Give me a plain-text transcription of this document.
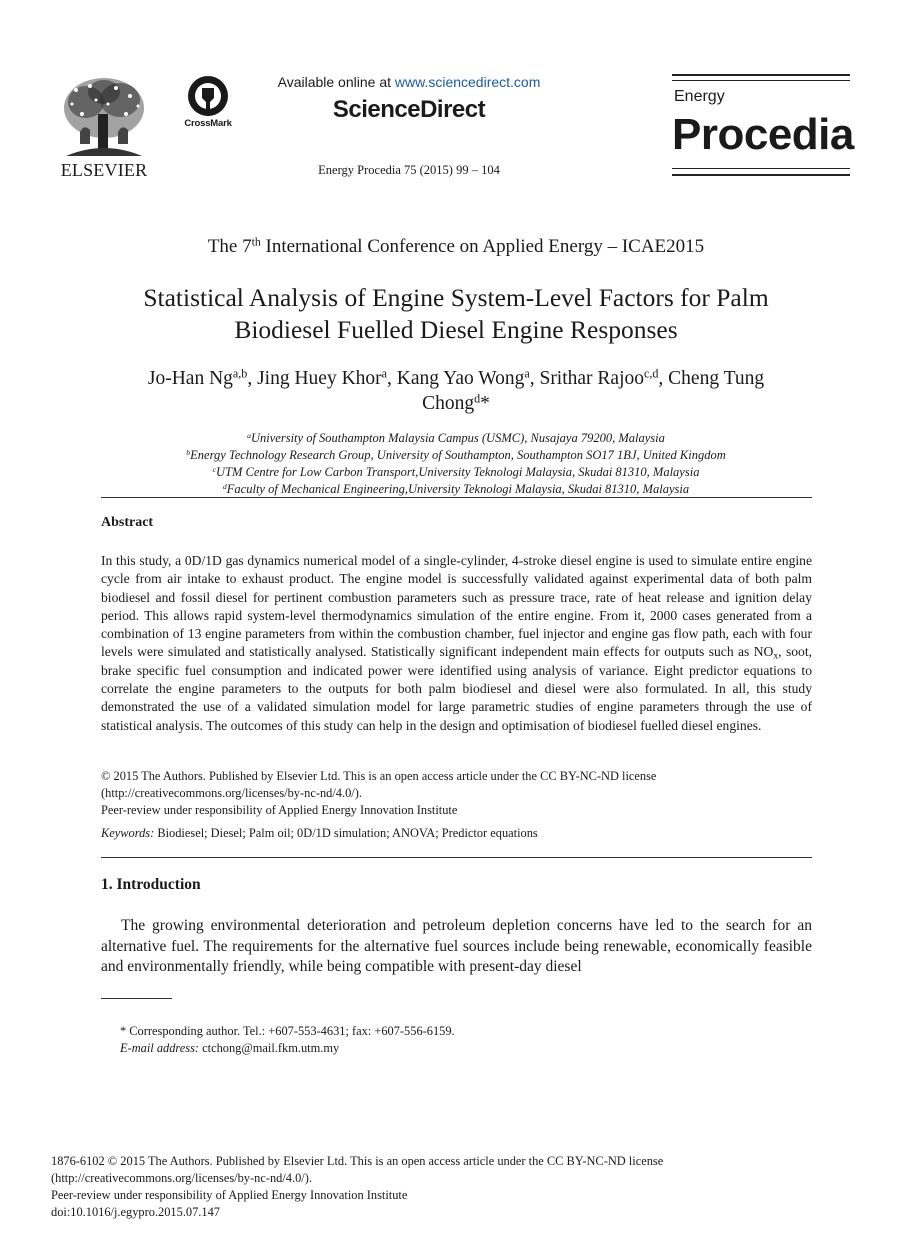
ELSEVIER
CrossMark
Available online at www.sciencedirect.com
ScienceDirect
Energy Procedia 75 (2015) 99 – 104
Energy
Procedia
The 7th International Conference on Applied Energy – ICAE2015
Statistical Analysis of Engine System-Level Factors for Palm
Biodiesel Fuelled Diesel Engine Responses
Jo-Han Ng$^{a,b}$, Jing Huey Khor$^a$, Kang Yao Wong$^a$, Srithar Rajoo$^{c,d}$, Cheng Tung
Chong$^d$*
$^a$University of Southampton Malaysia Campus (USMC), Nusajaya 79200, Malaysia
$^b$Energy Technology Research Group, University of Southampton, Southampton SO17 1BJ, United Kingdom
$^c$UTM Centre for Low Carbon Transport,University Teknologi Malaysia, Skudai 81310, Malaysia
$^d$Faculty of Mechanical Engineering,University Teknologi Malaysia, Skudai 81310, Malaysia
Abstract
In this study, a 0D/1D gas dynamics numerical model of a single-cylinder, 4-stroke diesel engine is used to simulate entire engine cycle from air intake to exhaust product. The engine model is successfully validated against experimental data of both palm biodiesel and fossil diesel for pertinent combustion parameters such as pressure trace, rate of heat release and ignition delay period. This allows rapid system-level thermodynamics simulation of the entire engine. From it, 2000 cases generated from a combination of 13 engine parameters from within the combustion chamber, fuel injector and engine gas flow path, each with four levels were simulated and statistically analysed. Statistically significant independent main effects for outputs such as $NO_x$, soot, brake specific fuel consumption and indicated power were identified using analysis of variance. Eight predictor equations to correlate the engine parameters to the outputs for both palm biodiesel and diesel were also formulated. In all, this study demonstrated the use of a validated simulation model for large parametric studies of engine parameters through the use of statistical analysis. The outcomes of this study can help in the design and optimisation of biodiesel fuelled diesel engines.
© 2015 The Authors. Published by Elsevier Ltd. This is an open access article under the CC BY-NC-ND license
(http://creativecommons.org/licenses/by-nc-nd/4.0/).
Peer-review under responsibility of Applied Energy Innovation Institute
Keywords: Biodiesel; Diesel; Palm oil; 0D/1D simulation; ANOVA; Predictor equations
1. Introduction
The growing environmental deterioration and petroleum depletion concerns have led to the search for an alternative fuel. The requirements for the alternative fuel sources include being renewable, economically feasible and environmentally friendly, while being compatible with present-day diesel
* Corresponding author. Tel.: +607-553-4631; fax: +607-556-6159.
E-mail address: ctchong@mail.fkm.utm.my
1876-6102 © 2015 The Authors. Published by Elsevier Ltd. This is an open access article under the CC BY-NC-ND license
(http://creativecommons.org/licenses/by-nc-nd/4.0/).
Peer-review under responsibility of Applied Energy Innovation Institute
doi:10.1016/j.egypro.2015.07.147
